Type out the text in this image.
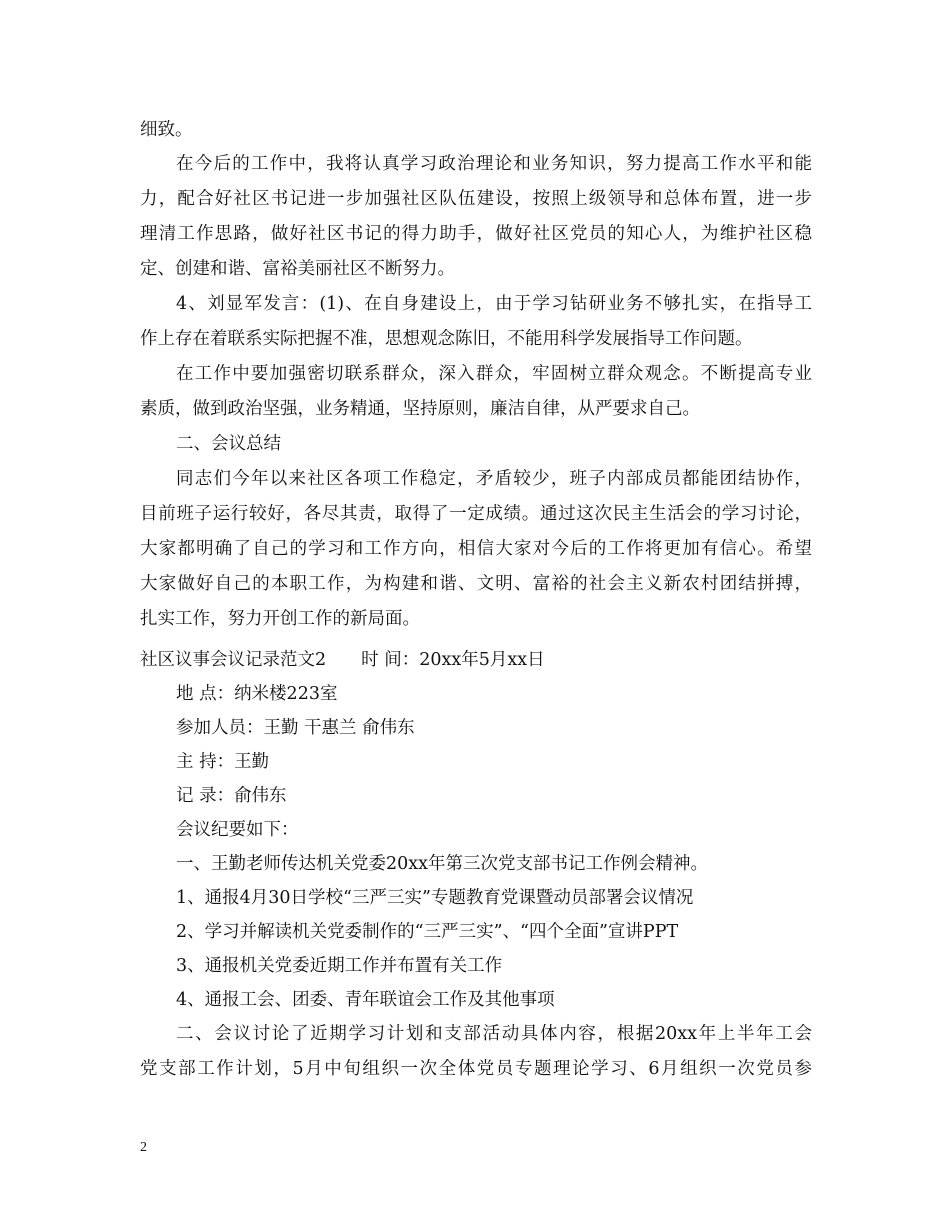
细致。
在今后的工作中，我将认真学习政治理论和业务知识，努力提高工作水平和能
力，配合好社区书记进一步加强社区队伍建设，按照上级领导和总体布置，进一步
理清工作思路，做好社区书记的得力助手，做好社区党员的知心人，为维护社区稳
定、创建和谐、富裕美丽社区不断努力。
4、刘显军发言：(1)、在自身建设上，由于学习钻研业务不够扎实，在指导工
作上存在着联系实际把握不准，思想观念陈旧，不能用科学发展指导工作问题。
在工作中要加强密切联系群众，深入群众，牢固树立群众观念。不断提高专业
素质，做到政治坚强，业务精通，坚持原则，廉洁自律，从严要求自己。
二、会议总结
同志们今年以来社区各项工作稳定，矛盾较少，班子内部成员都能团结协作，
目前班子运行较好，各尽其责，取得了一定成绩。通过这次民主生活会的学习讨论，
大家都明确了自己的学习和工作方向，相信大家对今后的工作将更加有信心。希望
大家做好自己的本职工作，为构建和谐、文明、富裕的社会主义新农村团结拼搏，
扎实工作，努力开创工作的新局面。
社区议事会议记录范文2　　时 间：20xx年5月xx日
地 点：纳米楼223室
参加人员：王勤 干惠兰 俞伟东
主 持：王勤
记 录：俞伟东
会议纪要如下：
一、王勤老师传达机关党委20xx年第三次党支部书记工作例会精神。
1、通报4月30日学校“三严三实”专题教育党课暨动员部署会议情况
2、学习并解读机关党委制作的“三严三实”、“四个全面”宣讲PPT
3、通报机关党委近期工作并布置有关工作
4、通报工会、团委、青年联谊会工作及其他事项
二、会议讨论了近期学习计划和支部活动具体内容，根据20xx年上半年工会
党支部工作计划，5月中旬组织一次全体党员专题理论学习、6月组织一次党员参
2
